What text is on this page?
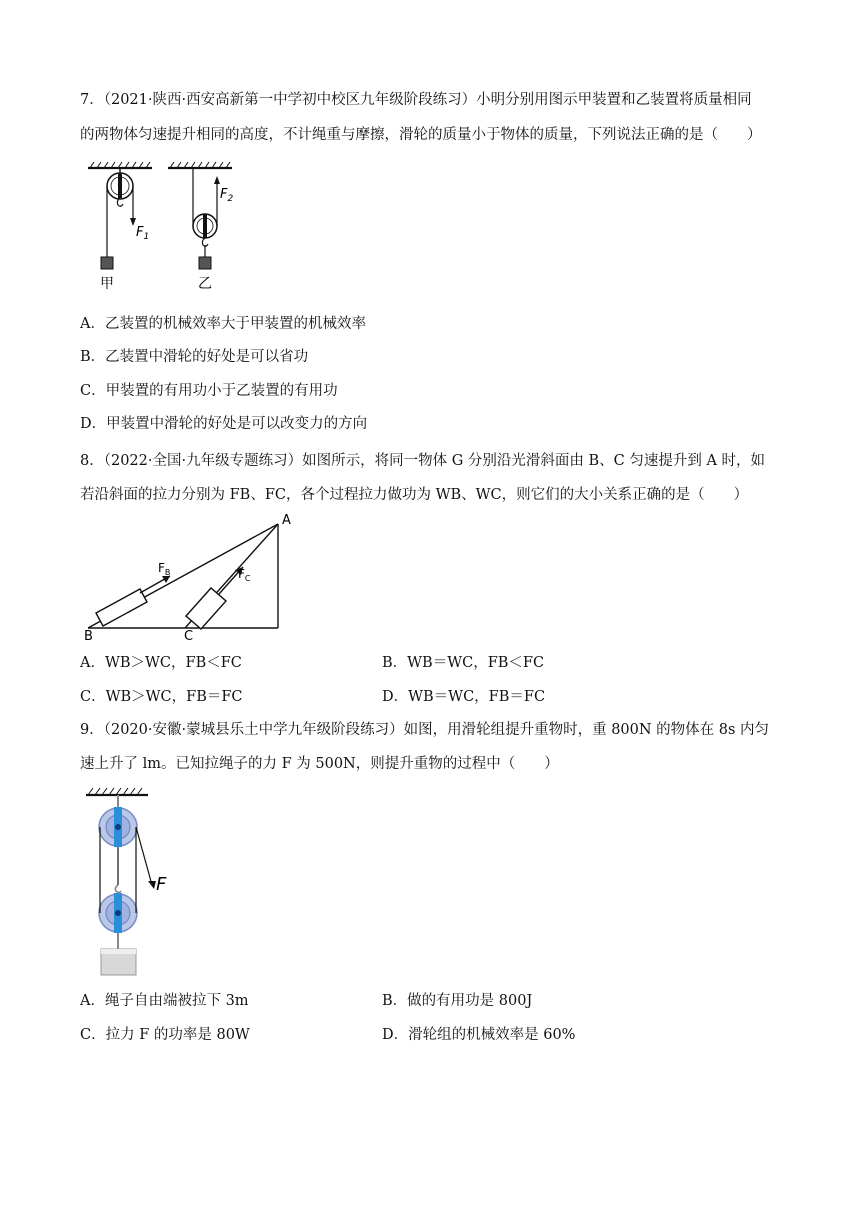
7．（2021·陕西·西安高新第一中学初中校区九年级阶段练习）小明分别用图示甲装置和乙装置将质量相同
的两物体匀速提升相同的高度，不计绳重与摩擦，滑轮的质量小于物体的质量，下列说法正确的是（　　）
$F_1$
甲
$F_2$
乙
A．乙装置的机械效率大于甲装置的机械效率
B．乙装置中滑轮的好处是可以省功
C．甲装置的有用功小于乙装置的有用功
D．甲装置中滑轮的好处是可以改变力的方向
8．（2022·全国·九年级专题练习）如图所示，将同一物体 G 分别沿光滑斜面由 B、C 匀速提升到 A 时，如
若沿斜面的拉力分别为 FB、FC，各个过程拉力做功为 WB、WC，则它们的大小关系正确的是（　　）
$F_B$	$F_C$
A
B	C
A．WB＞WC，FB＜FC	B．WB＝WC，FB＜FC
C．WB＞WC，FB＝FC	D．WB＝WC，FB＝FC
9．（2020·安徽·蒙城县乐土中学九年级阶段练习）如图，用滑轮组提升重物时，重 800N 的物体在 8s 内匀
速上升了 lm。已知拉绳子的力 F 为 500N，则提升重物的过程中（　　）
F
A．绳子自由端被拉下 3m	B．做的有用功是 800J
C．拉力 F 的功率是 80W	D．滑轮组的机械效率是 60%
